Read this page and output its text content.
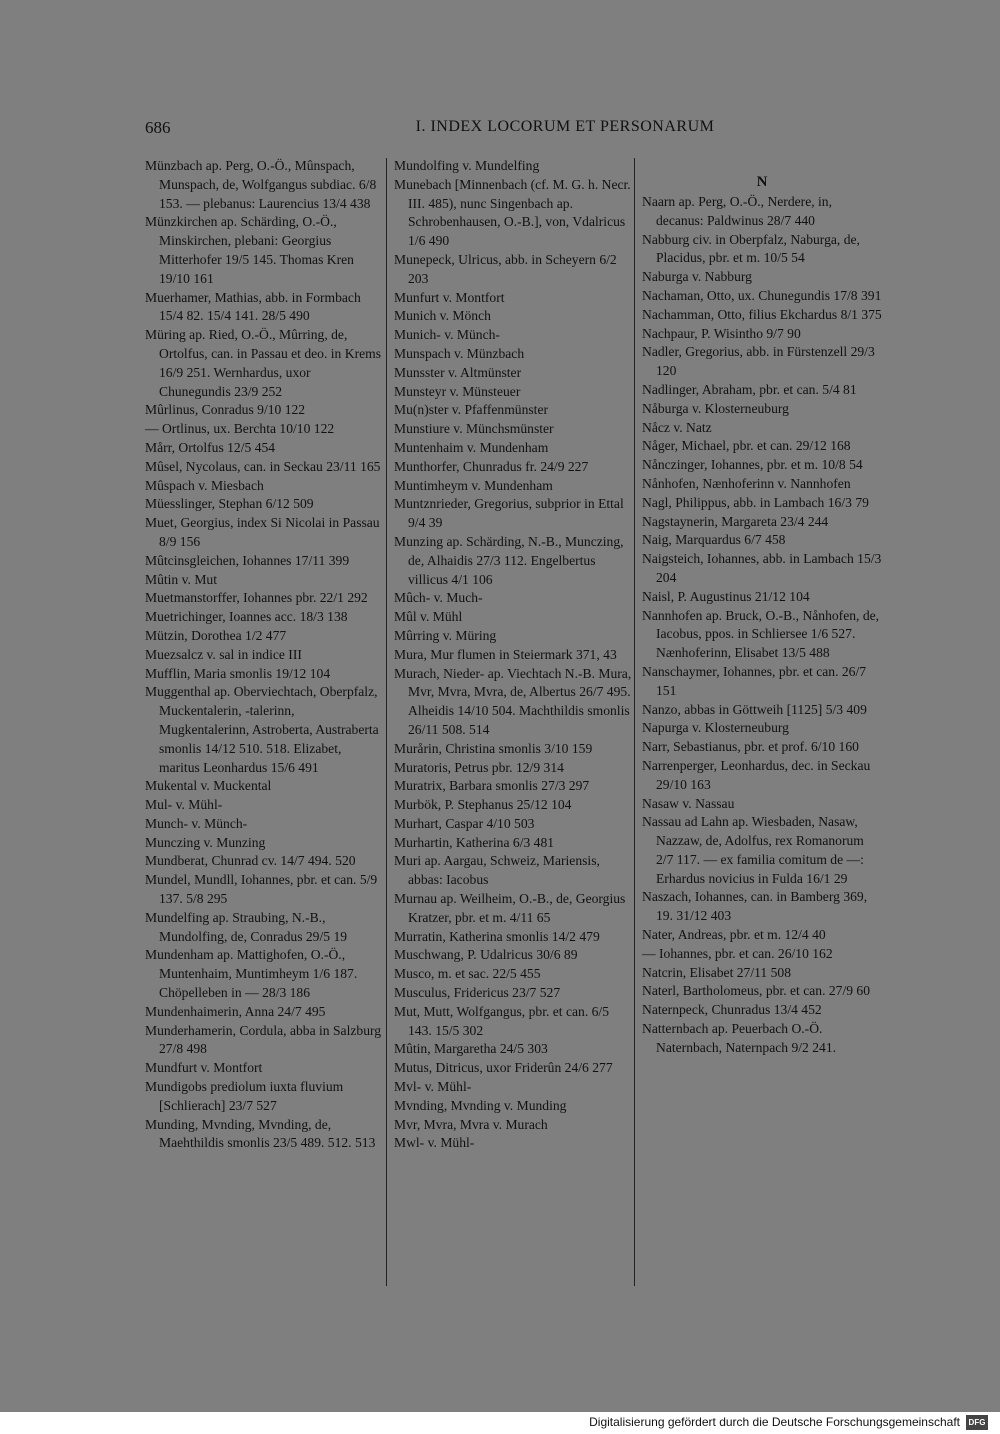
686	I. INDEX LOCORUM ET PERSONARUM

Münzbach ap. Perg, O.-Ö., Mûnspach, Munspach, de, Wolfgangus subdiac. 6/8 153. — plebanus: Laurencius 13/4 438

Münzkirchen ap. Schärding, O.-Ö., Minskirchen, plebani: Georgius Mitterhofer 19/5 145. Thomas Kren 19/10 161

Muerhamer, Mathias, abb. in Formbach 15/4 82. 15/4 141. 28/5 490

Müring ap. Ried, O.-Ö., Mûrring, de, Ortolfus, can. in Passau et deo. in Krems 16/9 251. Wernhardus, uxor Chunegundis 23/9 252

Mûrlinus, Conradus 9/10 122

— Ortlinus, ux. Berchta 10/10 122

Mårr, Ortolfus 12/5 454

Mûsel, Nycolaus, can. in Seckau 23/11 165

Mûspach v. Miesbach

Müesslinger, Stephan 6/12 509

Muet, Georgius, index Si Nicolai in Passau 8/9 156

Mûtcinsgleichen, Iohannes 17/11 399

Mûtin v. Mut

Muetmanstorffer, Iohannes pbr. 22/1 292

Muetrichinger, Ioannes acc. 18/3 138

Mützin, Dorothea 1/2 477

Muezsalcz v. sal in indice III

Mufflin, Maria smonlis 19/12 104

Muggenthal ap. Oberviechtach, Oberpfalz, Muckentalerin, -talerinn, Mugkentalerinn, Astroberta, Austraberta smonlis 14/12 510. 518. Elizabet, maritus Leonhardus 15/6 491

Mukental v. Muckental

Mul- v. Mühl-

Munch- v. Münch-

Munczing v. Munzing

Mundberat, Chunrad cv. 14/7 494. 520

Mundel, Mundll, Iohannes, pbr. et can. 5/9 137. 5/8 295

Mundelfing ap. Straubing, N.-B., Mundolfing, de, Conradus 29/5 19

Mundenham ap. Mattighofen, O.-Ö., Muntenhaim, Muntimheym 1/6 187. Chöpelleben in — 28/3 186

Mundenhaimerin, Anna 24/7 495

Munderhamerin, Cordula, abba in Salzburg 27/8 498

Mundfurt v. Montfort

Mundigobs prediolum iuxta fluvium [Schlierach] 23/7 527

Munding, Mvnding, Mvnding, de, Maehthildis smonlis 23/5 489. 512. 513

Mundolfing v. Mundelfing

Munebach [Minnenbach (cf. M. G. h. Necr. III. 485), nunc Singenbach ap. Schrobenhausen, O.-B.], von, Vdalricus 1/6 490

Munepeck, Ulricus, abb. in Scheyern 6/2 203

Munfurt v. Montfort

Munich v. Mönch

Munich- v. Münch-

Munspach v. Münzbach

Munsster v. Altmünster

Munsteyr v. Münsteuer

Mu(n)ster v. Pfaffenmünster

Munstiure v. Münchsmünster

Muntenhaim v. Mundenham

Munthorfer, Chunradus fr. 24/9 227

Muntimheym v. Mundenham

Muntznrieder, Gregorius, subprior in Ettal 9/4 39

Munzing ap. Schärding, N.-B., Munczing, de, Alhaidis 27/3 112. Engelbertus villicus 4/1 106

Mûch- v. Much-

Mûl v. Mühl

Mûrring v. Müring

Mura, Mur flumen in Steiermark 371, 43

Murach, Nieder- ap. Viechtach N.-B. Mura, Mvr, Mvra, Mvra, de, Albertus 26/7 495. Alheidis 14/10 504. Machthildis smonlis 26/11 508. 514

Murårin, Christina smonlis 3/10 159

Muratoris, Petrus pbr. 12/9 314

Muratrix, Barbara smonlis 27/3 297

Murbök, P. Stephanus 25/12 104

Murhart, Caspar 4/10 503

Murhartin, Katherina 6/3 481

Muri ap. Aargau, Schweiz, Mariensis, abbas: Iacobus

Murnau ap. Weilheim, O.-B., de, Georgius Kratzer, pbr. et m. 4/11 65

Murratin, Katherina smonlis 14/2 479

Muschwang, P. Udalricus 30/6 89

Musco, m. et sac. 22/5 455

Musculus, Fridericus 23/7 527

Mut, Mutt, Wolfgangus, pbr. et can. 6/5 143. 15/5 302

Mûtin, Margaretha 24/5 303

Mutus, Ditricus, uxor Friderûn 24/6 277

Mvl- v. Mühl-

Mvnding, Mvnding v. Munding

Mvr, Mvra, Mvra v. Murach

Mwl- v. Mühl-

N

Naarn ap. Perg, O.-Ö., Nerdere, in, decanus: Paldwinus 28/7 440

Nabburg civ. in Oberpfalz, Naburga, de, Placidus, pbr. et m. 10/5 54

Naburga v. Nabburg

Nachaman, Otto, ux. Chunegundis 17/8 391

Nachamman, Otto, filius Ekchardus 8/1 375

Nachpaur, P. Wisintho 9/7 90

Nadler, Gregorius, abb. in Fürstenzell 29/3 120

Nadlinger, Abraham, pbr. et can. 5/4 81

Nåburga v. Klosterneuburg

Nåcz v. Natz

Någer, Michael, pbr. et can. 29/12 168

Nånczinger, Iohannes, pbr. et m. 10/8 54

Nånhofen, Nænhoferinn v. Nannhofen

Nagl, Philippus, abb. in Lambach 16/3 79

Nagstaynerin, Margareta 23/4 244

Naig, Marquardus 6/7 458

Naigsteich, Iohannes, abb. in Lambach 15/3 204

Naisl, P. Augustinus 21/12 104

Nannhofen ap. Bruck, O.-B., Nånhofen, de, Iacobus, ppos. in Schliersee 1/6 527. Nænhoferinn, Elisabet 13/5 488

Nanschaymer, Iohannes, pbr. et can. 26/7 151

Nanzo, abbas in Göttweih [1125] 5/3 409

Napurga v. Klosterneuburg

Narr, Sebastianus, pbr. et prof. 6/10 160

Narrenperger, Leonhardus, dec. in Seckau 29/10 163

Nasaw v. Nassau

Nassau ad Lahn ap. Wiesbaden, Nasaw, Nazzaw, de, Adolfus, rex Romanorum 2/7 117. — ex familia comitum de —: Erhardus novicius in Fulda 16/1 29

Naszach, Iohannes, can. in Bamberg 369, 19. 31/12 403

Nater, Andreas, pbr. et m. 12/4 40

— Iohannes, pbr. et can. 26/10 162

Natcrin, Elisabet 27/11 508

Naterl, Bartholomeus, pbr. et can. 27/9 60

Naternpeck, Chunradus 13/4 452

Natternbach ap. Peuerbach O.-Ö. Naternbach, Naternpach 9/2 241.

Digitalisierung gefördert durch die Deutsche Forschungsgemeinschaft	DFG
